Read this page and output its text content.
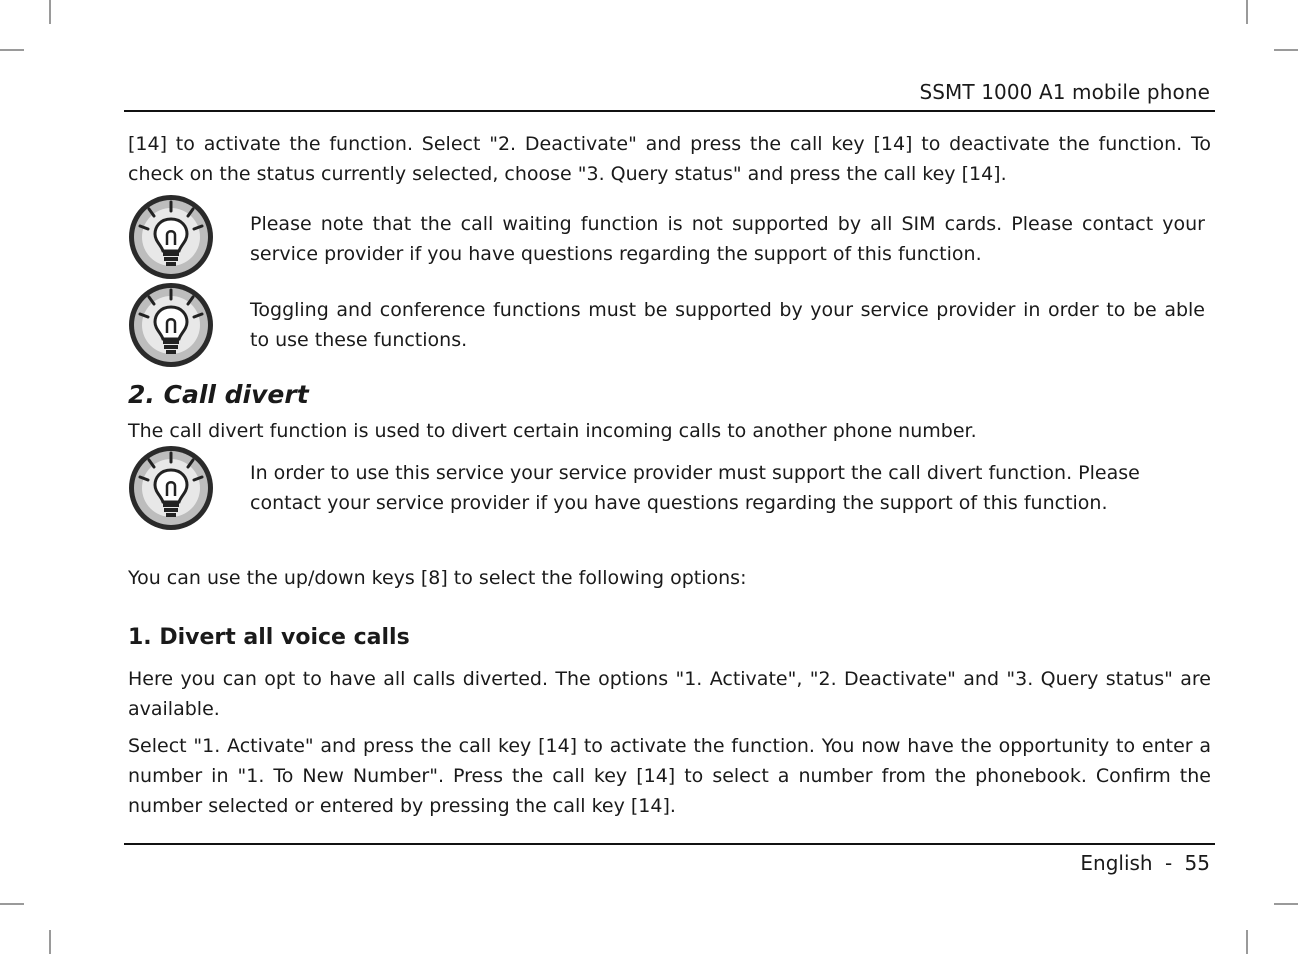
SSMT 1000 A1 mobile phone

[14] to activate the function. Select "2. Deactivate" and press the call key [14] to deactivate the function. To check on the status currently selected, choose "3. Query status" and press the call key [14].

Please note that the call waiting function is not supported by all SIM cards. Please contact your service provider if you have questions regarding the support of this function.

Toggling and conference functions must be supported by your service provider in order to be able to use these functions.

2. Call divert

The call divert function is used to divert certain incoming calls to another phone number.

In order to use this service your service provider must support the call divert function. Please contact your service provider if you have questions regarding the support of this function.

You can use the up/down keys [8] to select the following options:

1. Divert all voice calls

Here you can opt to have all calls diverted. The options "1. Activate", "2. Deactivate" and "3. Query status" are available.

Select "1. Activate" and press the call key [14] to activate the function. You now have the opportunity to enter a number in "1. To New Number". Press the call key [14] to select a number from the phonebook. Confirm the number selected or entered by pressing the call key [14].

English - 55
